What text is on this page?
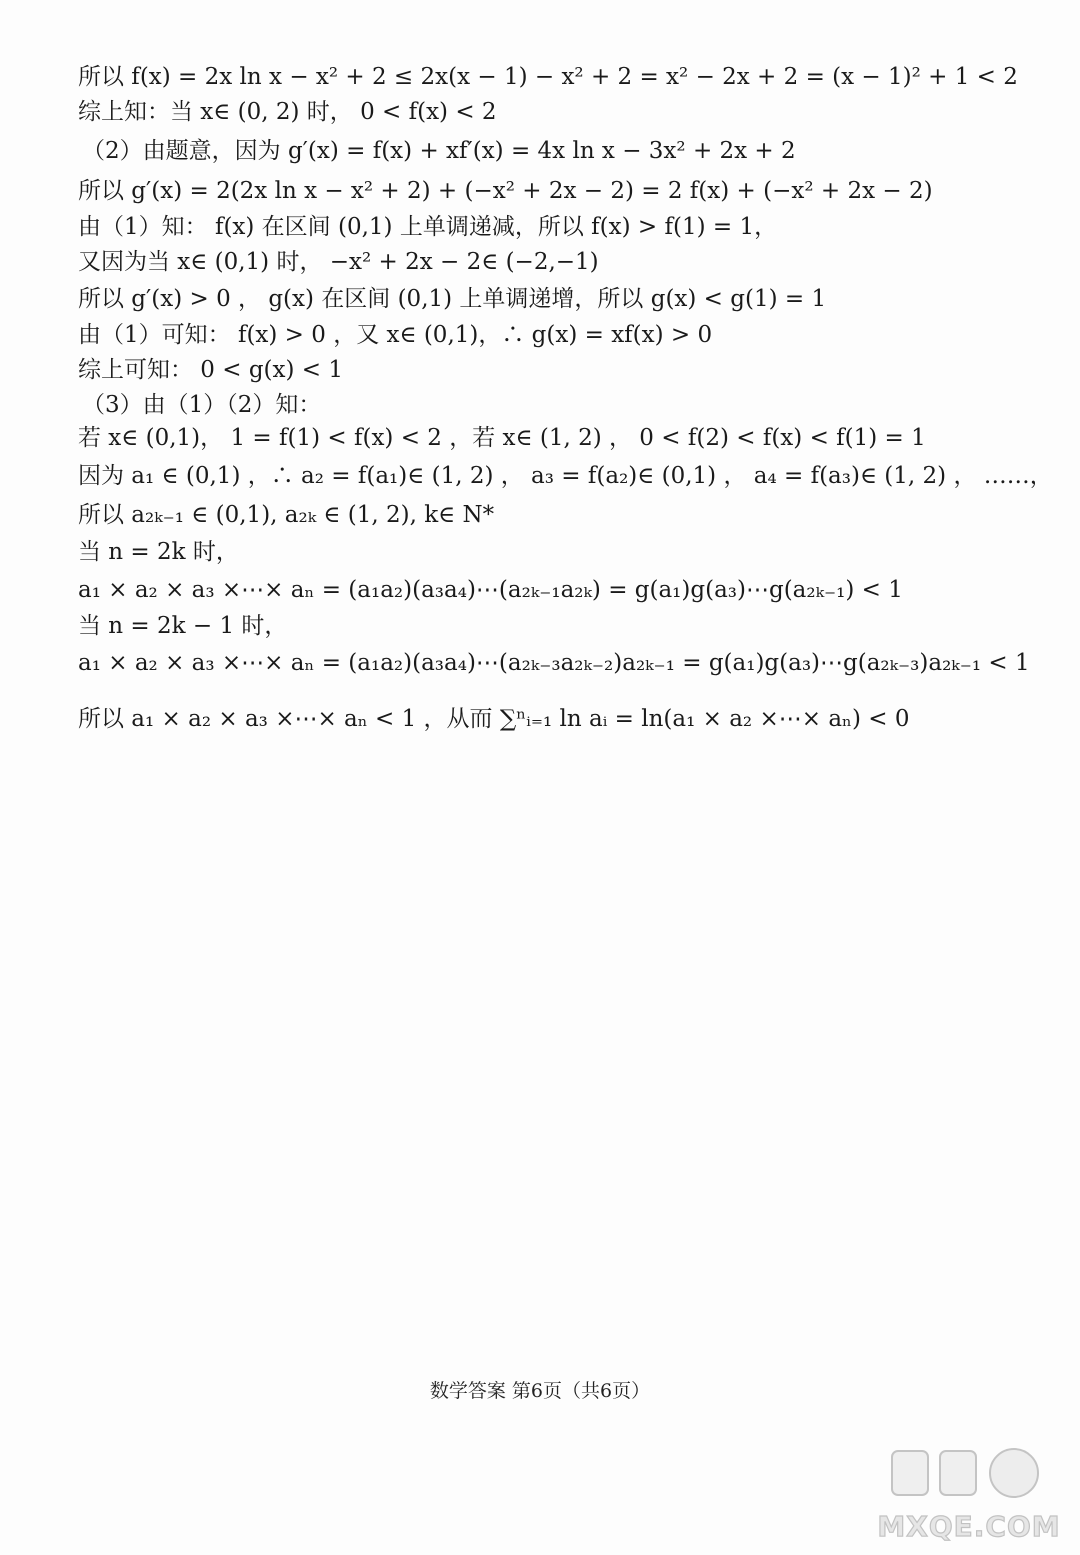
所以 f(x) = 2x ln x − x² + 2 ≤ 2x(x − 1) − x² + 2 = x² − 2x + 2 = (x − 1)² + 1 < 2
综上知：当 x∈ (0, 2) 时， 0 < f(x) < 2
（2）由题意，因为 g′(x) = f(x) + xf′(x) = 4x ln x − 3x² + 2x + 2
所以 g′(x) = 2(2x ln x − x² + 2) + (−x² + 2x − 2) = 2 f(x) + (−x² + 2x − 2)
由（1）知： f(x) 在区间 (0,1) 上单调递减，所以 f(x) > f(1) = 1，
又因为当 x∈ (0,1) 时， −x² + 2x − 2∈ (−2,−1)
所以 g′(x) > 0 ， g(x) 在区间 (0,1) 上单调递增，所以 g(x) < g(1) = 1
由（1）可知： f(x) > 0 ，又 x∈ (0,1)，∴ g(x) = xf(x) > 0
综上可知： 0 < g(x) < 1
（3）由（1）（2）知：
若 x∈ (0,1)， 1 = f(1) < f(x) < 2 ，若 x∈ (1, 2) ， 0 < f(2) < f(x) < f(1) = 1
因为 a₁ ∈ (0,1) ，∴ a₂ = f(a₁)∈ (1, 2) ， a₃ = f(a₂)∈ (0,1) ， a₄ = f(a₃)∈ (1, 2) ， ……，
所以 a₂ₖ₋₁ ∈ (0,1), a₂ₖ ∈ (1, 2), k∈ N*
当 n = 2k 时，
a₁ × a₂ × a₃ ×⋯× aₙ = (a₁a₂)(a₃a₄)⋯(a₂ₖ₋₁a₂ₖ) = g(a₁)g(a₃)⋯g(a₂ₖ₋₁) < 1
当 n = 2k − 1 时，
a₁ × a₂ × a₃ ×⋯× aₙ = (a₁a₂)(a₃a₄)⋯(a₂ₖ₋₃a₂ₖ₋₂)a₂ₖ₋₁ = g(a₁)g(a₃)⋯g(a₂ₖ₋₃)a₂ₖ₋₁ < 1
所以 a₁ × a₂ × a₃ ×⋯× aₙ < 1 ，从而 ∑ⁿᵢ₌₁ ln aᵢ = ln(a₁ × a₂ ×⋯× aₙ) < 0
数学答案 第6页（共6页）
MXQE.COM
